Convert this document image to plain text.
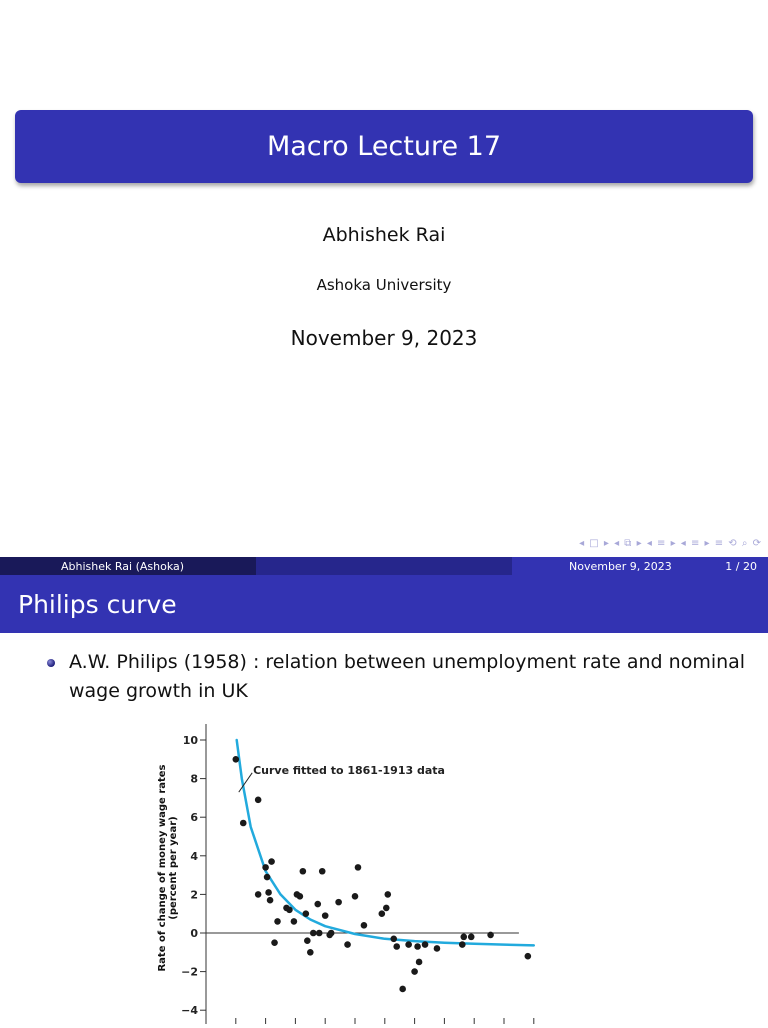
Macro Lecture 17
Abhishek Rai
Ashoka University
November 9, 2023
◂ □ ▸ ◂ ⧉ ▸ ◂ ≡ ▸ ◂ ≡ ▸ ≡ ⟲ ⌕ ⟳
Abhishek Rai (Ashoka)	November 9, 2023	1 / 20
Philips curve
A.W. Philips (1958) : relation between unemployment rate and nominal wage growth in UK
Rate of change of money wage rates (percent per year)
10
8
6
4
2
0
−2
−4
Curve fitted to 1861-1913 data
